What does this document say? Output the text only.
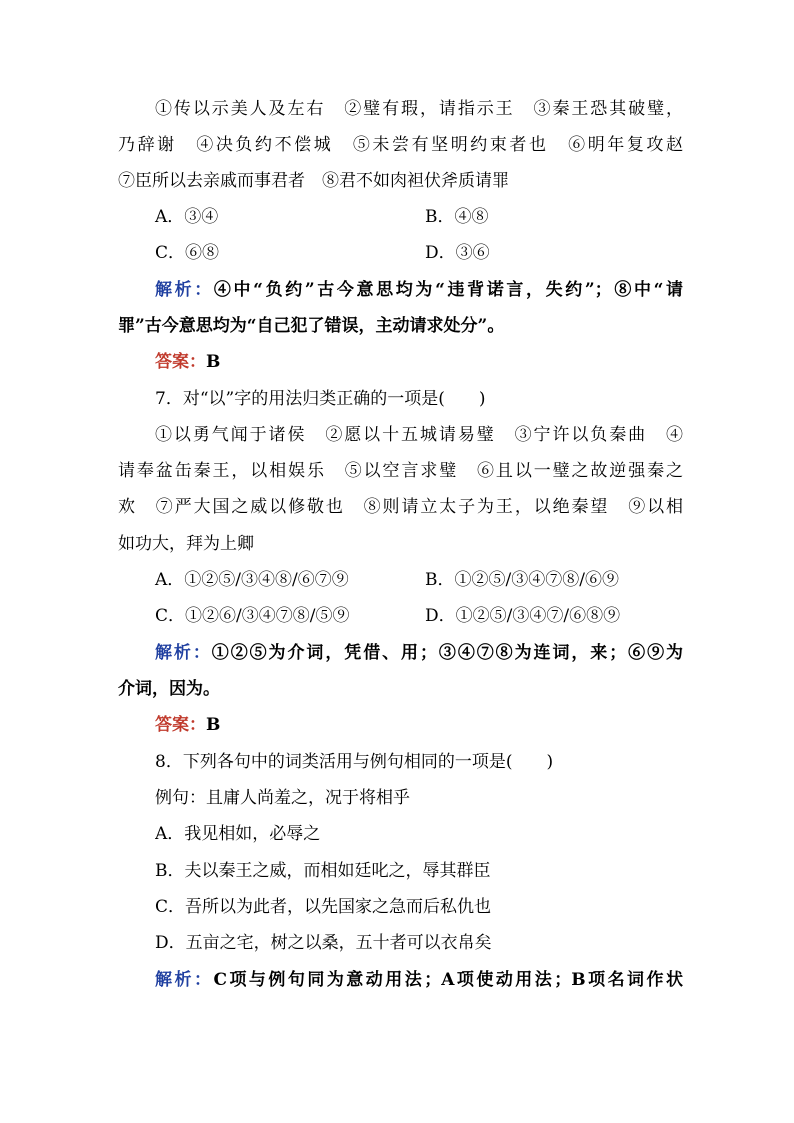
①传以示美人及左右　②璧有瑕，请指示王　③秦王恐其破璧，
乃辞谢　④决负约不偿城　⑤未尝有坚明约束者也　⑥明年复攻赵
⑦臣所以去亲戚而事君者　⑧君不如肉袒伏斧质请罪
A．③④	B．④⑧
C．⑥⑧	D．③⑥
解析：④中“负约”古今意思均为“违背诺言，失约”；⑧中“请
罪”古今意思均为“自己犯了错误，主动请求处分”。
答案：B
7．对“以”字的用法归类正确的一项是(　　)
①以勇气闻于诸侯　②愿以十五城请易璧　③宁许以负秦曲　④
请奉盆缶秦王，以相娱乐　⑤以空言求璧　⑥且以一璧之故逆强秦之
欢　⑦严大国之威以修敬也　⑧则请立太子为王，以绝秦望　⑨以相
如功大，拜为上卿
A．①②⑤/③④⑧/⑥⑦⑨	B．①②⑤/③④⑦⑧/⑥⑨
C．①②⑥/③④⑦⑧/⑤⑨	D．①②⑤/③④⑦/⑥⑧⑨
解析：①②⑤为介词，凭借、用；③④⑦⑧为连词，来；⑥⑨为
介词，因为。
答案：B
8．下列各句中的词类活用与例句相同的一项是(　　)
例句：且庸人尚羞之，况于将相乎
A．我见相如，必辱之
B．夫以秦王之威，而相如廷叱之，辱其群臣
C．吾所以为此者，以先国家之急而后私仇也
D．五亩之宅，树之以桑，五十者可以衣帛矣
解析：C项与例句同为意动用法；A项使动用法；B项名词作状
